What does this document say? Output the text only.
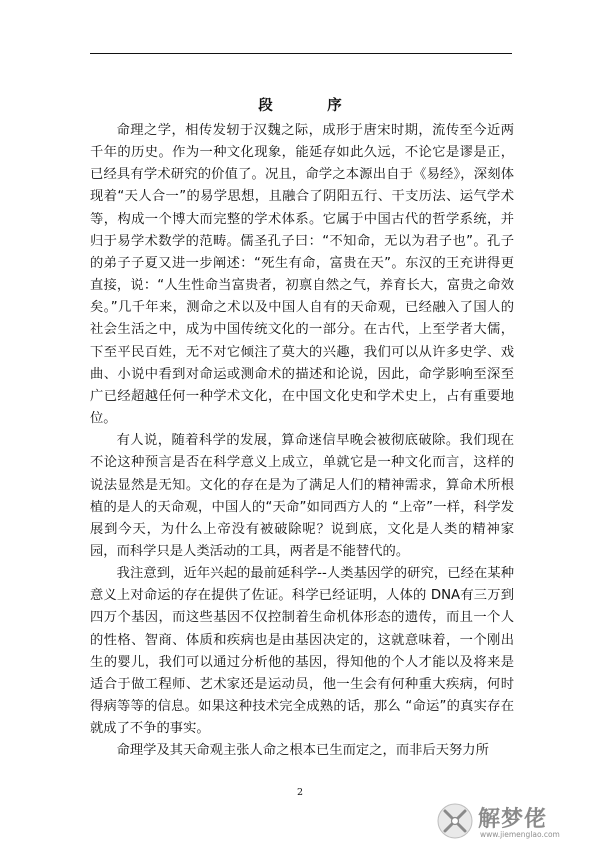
段　序

命理之学，相传发轫于汉魏之际，成形于唐宋时期，流传至今近两千年的历史。作为一种文化现象，能延存如此久远，不论它是谬是正，已经具有学术研究的价值了。况且，命学之本源出自于《易经》，深刻体现着“天人合一”的易学思想，且融合了阴阳五行、干支历法、运气学术等，构成一个博大而完整的学术体系。它属于中国古代的哲学系统，并归于易学术数学的范畴。儒圣孔子曰：“不知命，无以为君子也”。孔子的弟子子夏又进一步阐述：“死生有命，富贵在天”。东汉的王充讲得更直接，说：“人生性命当富贵者，初禀自然之气，养育长大，富贵之命效矣。”几千年来，测命之术以及中国人自有的天命观，已经融入了国人的社会生活之中，成为中国传统文化的一部分。在古代，上至学者大儒，下至平民百姓，无不对它倾注了莫大的兴趣，我们可以从许多史学、戏曲、小说中看到对命运或测命术的描述和论说，因此，命学影响至深至广已经超越任何一种学术文化，在中国文化史和学术史上，占有重要地位。

有人说，随着科学的发展，算命迷信早晚会被彻底破除。我们现在不论这种预言是否在科学意义上成立，单就它是一种文化而言，这样的说法显然是无知。文化的存在是为了满足人们的精神需求，算命术所根植的是人的天命观，中国人的“天命”如同西方人的 “上帝”一样，科学发展到今天，为什么上帝没有被破除呢？说到底，文化是人类的精神家园，而科学只是人类活动的工具，两者是不能替代的。

我注意到，近年兴起的最前延科学--人类基因学的研究，已经在某种意义上对命运的存在提供了佐证。科学已经证明，人体的 DNA有三万到四万个基因，而这些基因不仅控制着生命机体形态的遗传，而且一个人的性格、智商、体质和疾病也是由基因决定的，这就意味着，一个刚出生的婴儿，我们可以通过分析他的基因，得知他的个人才能以及将来是适合于做工程师、艺术家还是运动员，他一生会有何种重大疾病，何时得病等等的信息。如果这种技术完全成熟的话，那么 “命运”的真实存在就成了不争的事实。

命理学及其天命观主张人命之根本已生而定之，而非后天努力所

2
解梦佬
www.jiemenglao.com
